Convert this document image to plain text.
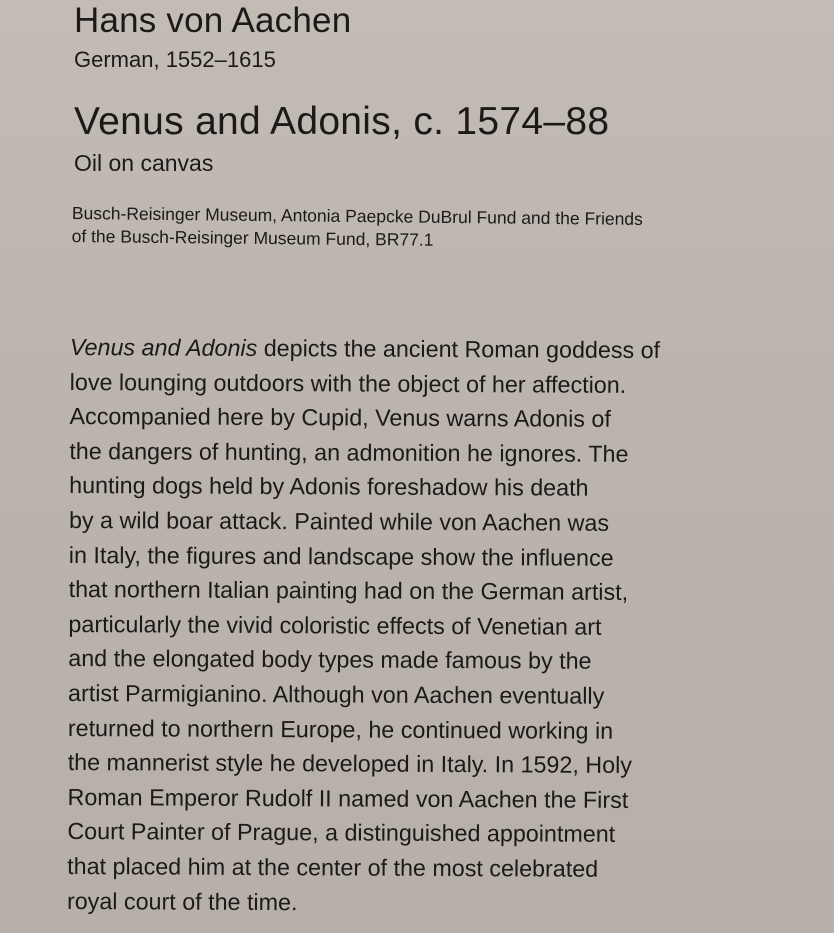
Hans von Aachen
German, 1552–1615
Venus and Adonis, c. 1574–88
Oil on canvas
Busch-Reisinger Museum, Antonia Paepcke DuBrul Fund and the Friends
of the Busch-Reisinger Museum Fund, BR77.1
Venus and Adonis depicts the ancient Roman goddess of
love lounging outdoors with the object of her affection.
Accompanied here by Cupid, Venus warns Adonis of
the dangers of hunting, an admonition he ignores. The
hunting dogs held by Adonis foreshadow his death
by a wild boar attack. Painted while von Aachen was
in Italy, the figures and landscape show the influence
that northern Italian painting had on the German artist,
particularly the vivid coloristic effects of Venetian art
and the elongated body types made famous by the
artist Parmigianino. Although von Aachen eventually
returned to northern Europe, he continued working in
the mannerist style he developed in Italy. In 1592, Holy
Roman Emperor Rudolf II named von Aachen the First
Court Painter of Prague, a distinguished appointment
that placed him at the center of the most celebrated
royal court of the time.
